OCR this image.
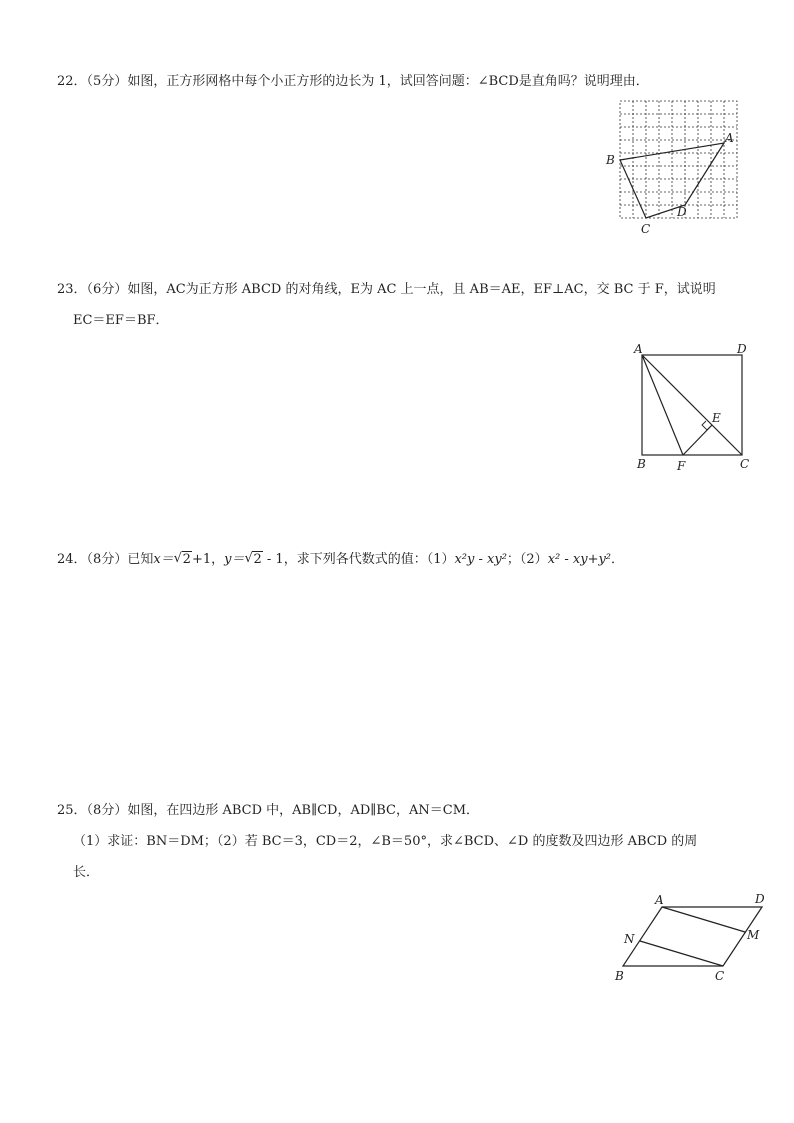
22．（5分）如图，正方形网格中每个小正方形的边长为 1，试回答问题：∠BCD是直角吗？说明理由．
A
B
C
D
23．（6分）如图，AC为正方形 ABCD 的对角线，E为 AC 上一点，且 AB＝AE，EF⊥AC，交 BC 于 F，试说明
EC＝EF＝BF．
A	D
E
B	F	C
24．（8分）已知x＝ √ 2+1，y＝ √ 2 - 1，求下列各代数式的值：（1）x²y - xy²；（2）x² - xy+y²．
25．（8分）如图，在四边形 ABCD 中，AB∥CD，AD∥BC，AN＝CM．
（1）求证：BN＝DM；（2）若 BC＝3，CD＝2，∠B＝50°，求∠BCD、∠D 的度数及四边形 ABCD 的周
长．
A	D
M
N
B	C
